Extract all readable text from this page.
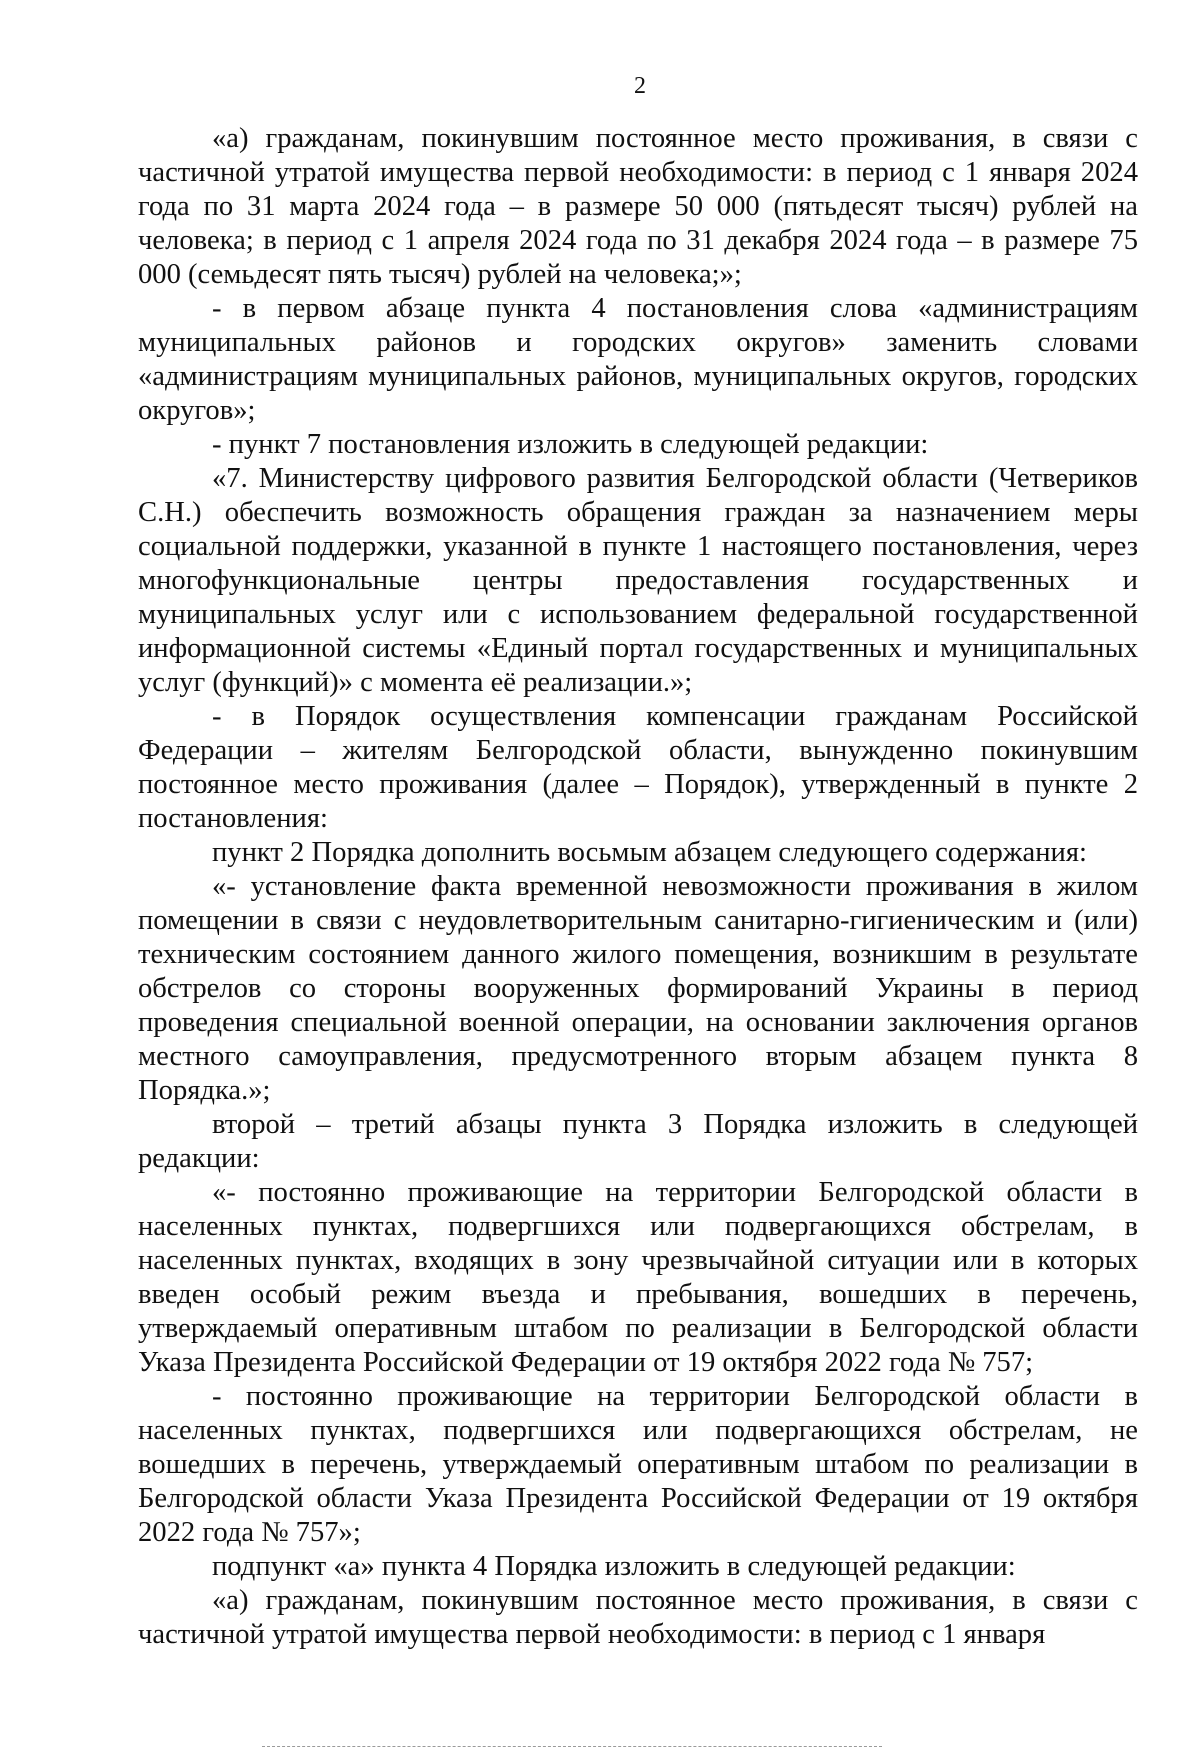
2

«а) гражданам, покинувшим постоянное место проживания, в связи с частичной утратой имущества первой необходимости: в период с 1 января 2024 года по 31 марта 2024 года – в размере 50 000 (пятьдесят тысяч) рублей на человека; в период с 1 апреля 2024 года по 31 декабря 2024 года – в размере 75 000 (семьдесят пять тысяч) рублей на человека;»;

- в первом абзаце пункта 4 постановления слова «администрациям муниципальных районов и городских округов» заменить словами «администрациям муниципальных районов, муниципальных округов, городских округов»;

- пункт 7 постановления изложить в следующей редакции:

«7. Министерству цифрового развития Белгородской области (Четвериков С.Н.) обеспечить возможность обращения граждан за назначением меры социальной поддержки, указанной в пункте 1 настоящего постановления, через многофункциональные центры предоставления государственных и муниципальных услуг или с использованием федеральной государственной информационной системы «Единый портал государственных и муниципальных услуг (функций)» с момента её реализации.»;

- в Порядок осуществления компенсации гражданам Российской Федерации – жителям Белгородской области, вынужденно покинувшим постоянное место проживания (далее – Порядок), утвержденный в пункте 2 постановления:

пункт 2 Порядка дополнить восьмым абзацем следующего содержания:

«- установление факта временной невозможности проживания в жилом помещении в связи с неудовлетворительным санитарно-гигиеническим и (или) техническим состоянием данного жилого помещения, возникшим в результате обстрелов со стороны вооруженных формирований Украины в период проведения специальной военной операции, на основании заключения органов местного самоуправления, предусмотренного вторым абзацем пункта 8 Порядка.»;

второй – третий абзацы пункта 3 Порядка изложить в следующей редакции:

«- постоянно проживающие на территории Белгородской области в населенных пунктах, подвергшихся или подвергающихся обстрелам, в населенных пунктах, входящих в зону чрезвычайной ситуации или в которых введен особый режим въезда и пребывания, вошедших в перечень, утверждаемый оперативным штабом по реализации в Белгородской области Указа Президента Российской Федерации от 19 октября 2022 года № 757;

- постоянно проживающие на территории Белгородской области в населенных пунктах, подвергшихся или подвергающихся обстрелам, не вошедших в перечень, утверждаемый оперативным штабом по реализации в Белгородской области Указа Президента Российской Федерации от 19 октября 2022 года № 757»;

подпункт «а» пункта 4 Порядка изложить в следующей редакции:

«а) гражданам, покинувшим постоянное место проживания, в связи с частичной утратой имущества первой необходимости: в период с 1 января
